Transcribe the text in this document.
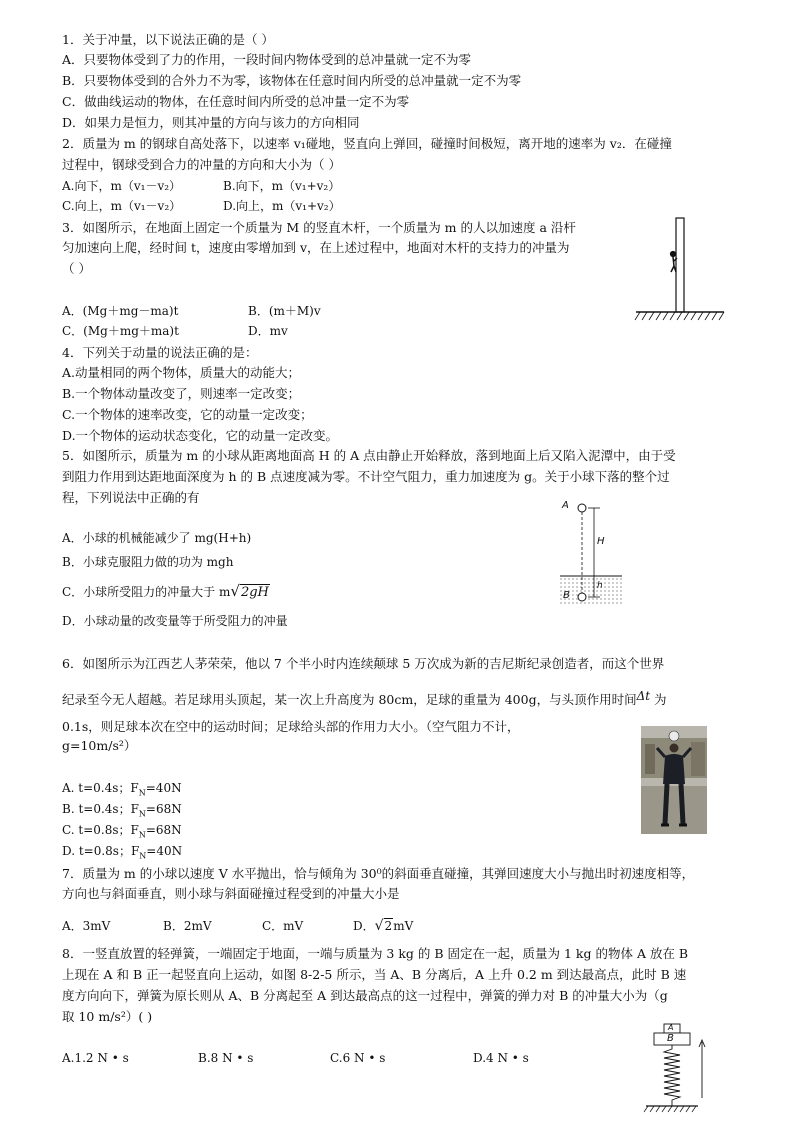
1．关于冲量，以下说法正确的是（ ）
A．只要物体受到了力的作用，一段时间内物体受到的总冲量就一定不为零
B．只要物体受到的合外力不为零，该物体在任意时间内所受的总冲量就一定不为零
C．做曲线运动的物体，在任意时间内所受的总冲量一定不为零
D．如果力是恒力，则其冲量的方向与该力的方向相同
2．质量为 m 的钢球自高处落下，以速率 v₁碰地，竖直向上弹回，碰撞时间极短，离开地的速率为 v₂．在碰撞
过程中，钢球受到合力的冲量的方向和大小为（ ）
A.向下，m（v₁－v₂）	B.向下，m（v₁+v₂）
C.向上，m（v₁－v₂）	D.向上，m（v₁+v₂）
3．如图所示，在地面上固定一个质量为 M 的竖直木杆，一个质量为 m 的人以加速度 a 沿杆
匀加速向上爬，经时间 t，速度由零增加到 v，在上述过程中，地面对木杆的支持力的冲量为
（ ）
A．(Mg＋mg－ma)t	B．(m＋M)v
C．(Mg＋mg＋ma)t	D．mv
4．下列关于动量的说法正确的是：
A.动量相同的两个物体，质量大的动能大；
B.一个物体动量改变了，则速率一定改变；
C.一个物体的速率改变，它的动量一定改变；
D.一个物体的运动状态变化，它的动量一定改变。
5．如图所示，质量为 m 的小球从距离地面高 H 的 A 点由静止开始释放，落到地面上后又陷入泥潭中，由于受
到阻力作用到达距地面深度为 h 的 B 点速度减为零。不计空气阻力，重力加速度为 g。关于小球下落的整个过
程，下列说法中正确的有
A．小球的机械能减少了 mg(H+h)
B．小球克服阻力做的功为 mgh
C．小球所受阻力的冲量大于 m√2gH
D．小球动量的改变量等于所受阻力的冲量
A
H
h
B
6．如图所示为江西艺人茅荣荣，他以 7 个半小时内连续颠球 5 万次成为新的吉尼斯纪录创造者，而这个世界
纪录至今无人超越。若足球用头顶起，某一次上升高度为 80cm，足球的重量为 400g，与头顶作用时间Δt 为
0.1s，则足球本次在空中的运动时间；足球给头部的作用力大小。（空气阻力不计，
g=10m/s²）
A. t=0.4s；$F_N=40N$
B. t=0.4s；$F_N=68N$
C. t=0.8s；$F_N=68N$
D. t=0.8s；$F_N=40N$
7．质量为 m 的小球以速度 V 水平抛出，恰与倾角为 30⁰的斜面垂直碰撞，其弹回速度大小与抛出时初速度相等，
方向也与斜面垂直，则小球与斜面碰撞过程受到的冲量大小是
A．3mV	B．2mV	C．mV	D．√2mV
8．一竖直放置的轻弹簧，一端固定于地面，一端与质量为 3 kg 的 B 固定在一起，质量为 1 kg 的物体 A 放在 B
上现在 A 和 B 正一起竖直向上运动，如图 8-2-5 所示，当 A、B 分离后，A 上升 0.2 m 到达最高点，此时 B 速
度方向向下，弹簧为原长则从 A、B 分离起至 A 到达最高点的这一过程中，弹簧的弹力对 B 的冲量大小为（g
取 10 m/s²）( )
A.1.2 N • s	B.8 N • s	C.6 N • s	D.4 N • s
A
B
